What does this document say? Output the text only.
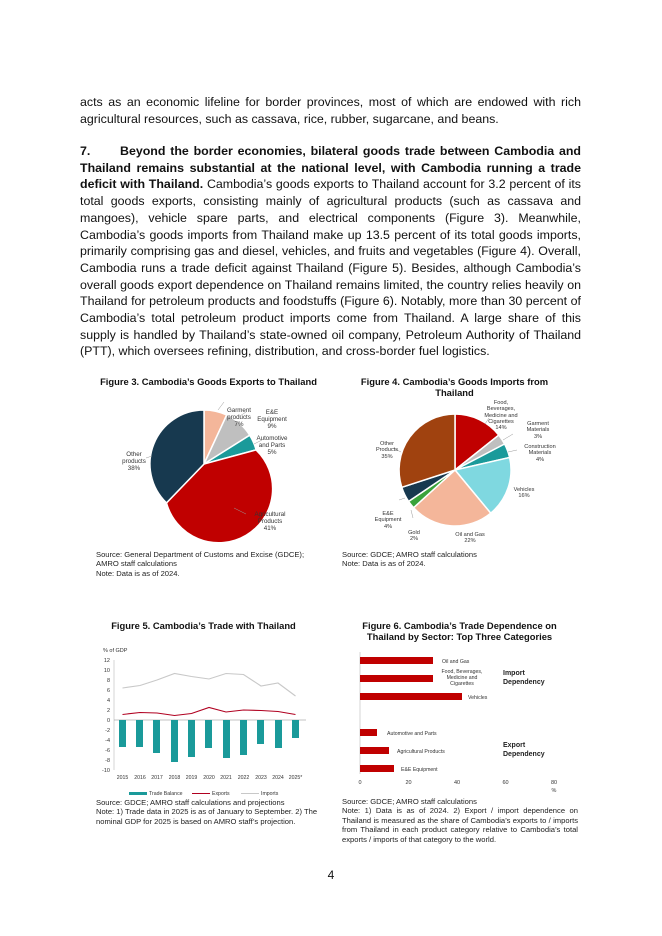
acts as an economic lifeline for border provinces, most of which are endowed with rich agricultural resources, such as cassava, rice, rubber, sugarcane, and beans.

7. Beyond the border economies, bilateral goods trade between Cambodia and Thailand remains substantial at the national level, with Cambodia running a trade deficit with Thailand. Cambodia’s goods exports to Thailand account for 3.2 percent of its total goods exports, consisting mainly of agricultural products (such as cassava and mangoes), vehicle spare parts, and electrical components (Figure 3). Meanwhile, Cambodia’s goods imports from Thailand make up 13.5 percent of its total goods imports, primarily comprising gas and diesel, vehicles, and fruits and vegetables (Figure 4). Overall, Cambodia runs a trade deficit against Thailand (Figure 5). Besides, although Cambodia’s overall goods export dependence on Thailand remains limited, the country relies heavily on Thailand for petroleum products and foodstuffs (Figure 6). Notably, more than 30 percent of Cambodia’s total petroleum product imports come from Thailand. A large share of this supply is handled by Thailand’s state-owned oil company, Petroleum Authority of Thailand (PTT), which oversees refining, distribution, and cross-border fuel logistics.

Figure 3. Cambodia’s Goods Exports to Thailand
Garment
products
7%
E&E
Equipment
9%
Automotive
and Parts
5%
Agricultural
Products
41%
Other
products
38%
Source: General Department of Customs and Excise (GDCE); AMRO staff calculations
Note: Data is as of 2024.
Figure 4. Cambodia’s Goods Imports from Thailand
Food,
Beverages,
Medicine and
Cigarettes
14%
Garment
Materials
3%
Construction
Materials
4%
Vehicles
16%
Oil and Gas
22%
Gold
2%
E&E
Equipment
4%
Other
Products
35%
Source: GDCE; AMRO staff calculations
Note: Data is as of 2024.
Figure 5. Cambodia’s Trade with Thailand
% of GDP
12
10
8
6
4
2
0
-2
-4
-6
-8
-10
2015 2016 2017 2018 2019 2020 2021 2022 2023 2024 2025*
Trade Balance	Exports	Imports
Source: GDCE; AMRO staff calculations and projections
Note: 1) Trade data in 2025 is as of January to September. 2) The nominal GDP for 2025 is based on AMRO staff’s projection.
Figure 6. Cambodia’s Trade Dependence on Thailand by Sector: Top Three Categories
Oil and Gas
Food, Beverages,
Medicine and
Cigarettes
Vehicles
Automotive and Parts
Agricultural Products
E&E Equipment
Import
Dependency
Export
Dependency
0	20	40	60	80
%
Source: GDCE; AMRO staff calculations
Note: 1) Data is as of 2024. 2) Export / import dependence on Thailand is measured as the share of Cambodia’s exports to / imports from Thailand in each product category relative to Cambodia’s total exports / imports of that category to the world.
4
